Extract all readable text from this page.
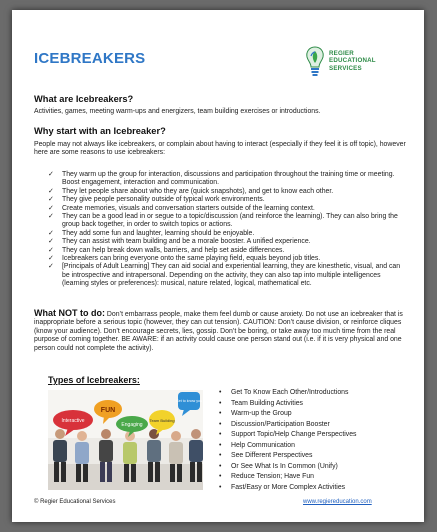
ICEBREAKERS	REGIER
EDUCATIONAL
SERVICES
What are Icebreakers?
Activities, games, meeting warm-ups and energizers, team building exercises or introductions.
Why start with an Icebreaker?
People may not always like icebreakers, or complain about having to interact (especially if they feel it is off topic), however here are some reasons to use icebreakers:
✓ They warm up the group for interaction, discussions and participation throughout the training time or meeting. Boost engagement, interaction and communication.
✓ They let people share about who they are (quick snapshots), and get to know each other.
✓ They give people personality outside of typical work environments.
✓ Create memories, visuals and conversation starters outside of the learning context.
✓ They can be a good lead in or segue to a topic/discussion (and reinforce the learning). They can also bring the group back together, in order to switch topics or actions.
✓ They add some fun and laughter, learning should be enjoyable.
✓ They can assist with team building and be a morale booster. A unified experience.
✓ They can help break down walls, barriers, and help set aside differences.
✓ Icebreakers can bring everyone onto the same playing field, equals beyond job titles.
✓ [Principals of Adult Learning] They can aid social and experiential learning, they are kinesthetic, visual, and can be introspective and intrapersonal. Depending on the activity, they can also tap into multiple intelligences (learning styles or preferences): musical, nature related, logical, mathematical etc.
What NOT to do: Don’t embarrass people, make them feel dumb or cause anxiety. Do not use an icebreaker that is inappropriate before a serious topic (however, they can cut tension). CAUTION: Don’t cause division, or reinforce cliques (know your audience). Don’t encourage secrets, lies, gossip. Don’t be boring, or take away too much time from the real purpose of coming together. BE AWARE: if an activity could cause one person stand out (i.e. if it is very physical and one person could not complete the activity).
Types of Icebreakers:
Interactive
FUN
Engaging
Team Building
Get to know you
• Get To Know Each Other/Introductions
• Team Building Activities
• Warm-up the Group
• Discussion/Participation Booster
• Support Topic/Help Change Perspectives
• Help Communication
• See Different Perspectives
• Or See What Is In Common (Unify)
• Reduce Tension; Have Fun
• Fast/Easy or More Complex Activities
© Regier Educational Services	www.regiereducation.com
